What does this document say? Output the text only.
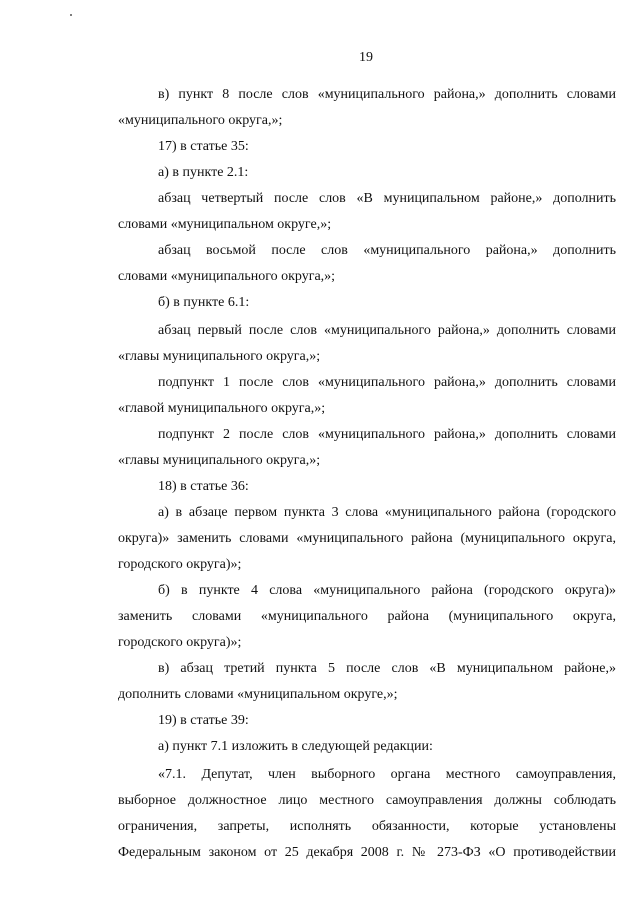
19
в) пункт 8 после слов «муниципального района,» дополнить словами
«муниципального округа,»;
17) в статье 35:
а) в пункте 2.1:
абзац четвертый после слов «В муниципальном районе,» дополнить
словами «муниципальном округе,»;
абзац восьмой после слов «муниципального района,» дополнить
словами «муниципального округа,»;
б) в пункте 6.1:
абзац первый после слов «муниципального района,» дополнить словами
«главы муниципального округа,»;
подпункт 1 после слов «муниципального района,» дополнить словами
«главой муниципального округа,»;
подпункт 2 после слов «муниципального района,» дополнить словами
«главы муниципального округа,»;
18) в статье 36:
а) в абзаце первом пункта 3 слова «муниципального района (городского
округа)» заменить словами «муниципального района (муниципального округа,
городского округа)»;
б) в пункте 4 слова «муниципального района (городского округа)»
заменить словами «муниципального района (муниципального округа,
городского округа)»;
в) абзац третий пункта 5 после слов «В муниципальном районе,»
дополнить словами «муниципальном округе,»;
19) в статье 39:
а) пункт 7.1 изложить в следующей редакции:
«7.1. Депутат, член выборного органа местного самоуправления,
выборное должностное лицо местного самоуправления должны соблюдать
ограничения, запреты, исполнять обязанности, которые установлены
Федеральным законом от 25 декабря 2008 г. № 273-ФЗ «О противодействии
